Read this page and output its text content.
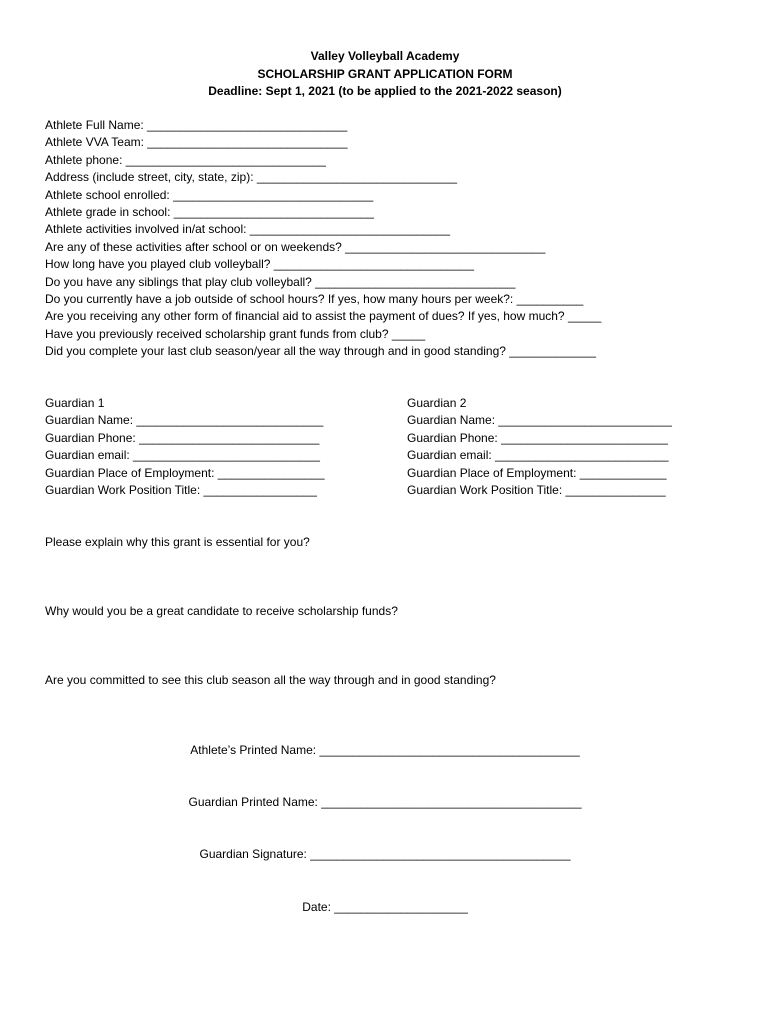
Valley Volleyball Academy
SCHOLARSHIP GRANT APPLICATION FORM
Deadline: Sept 1, 2021 (to be applied to the 2021-2022 season)
Athlete Full Name: ______________________________
Athlete VVA Team: ______________________________
Athlete phone: ______________________________
Address (include street, city, state, zip): ______________________________
Athlete school enrolled: ______________________________
Athlete grade in school: ______________________________
Athlete activities involved in/at school: ______________________________
Are any of these activities after school or on weekends? ______________________________
How long have you played club volleyball? ______________________________
Do you have any siblings that play club volleyball? ______________________________
Do you currently have a job outside of school hours? If yes, how many hours per week?: __________
Are you receiving any other form of financial aid to assist the payment of dues? If yes, how much? _____
Have you previously received scholarship grant funds from club? _____
Did you complete your last club season/year all the way through and in good standing? _____________
Guardian 1
Guardian Name: ____________________________
Guardian Phone: ___________________________
Guardian email: ____________________________
Guardian Place of Employment: ________________
Guardian Work Position Title: _________________
Guardian 2
Guardian Name: __________________________
Guardian Phone: _________________________
Guardian email: __________________________
Guardian Place of Employment: _____________
Guardian Work Position Title: _______________
Please explain why this grant is essential for you?
Why would you be a great candidate to receive scholarship funds?
Are you committed to see this club season all the way through and in good standing?
Athlete’s Printed Name: _______________________________________
Guardian Printed Name: _______________________________________
Guardian Signature: _______________________________________
Date: ____________________
